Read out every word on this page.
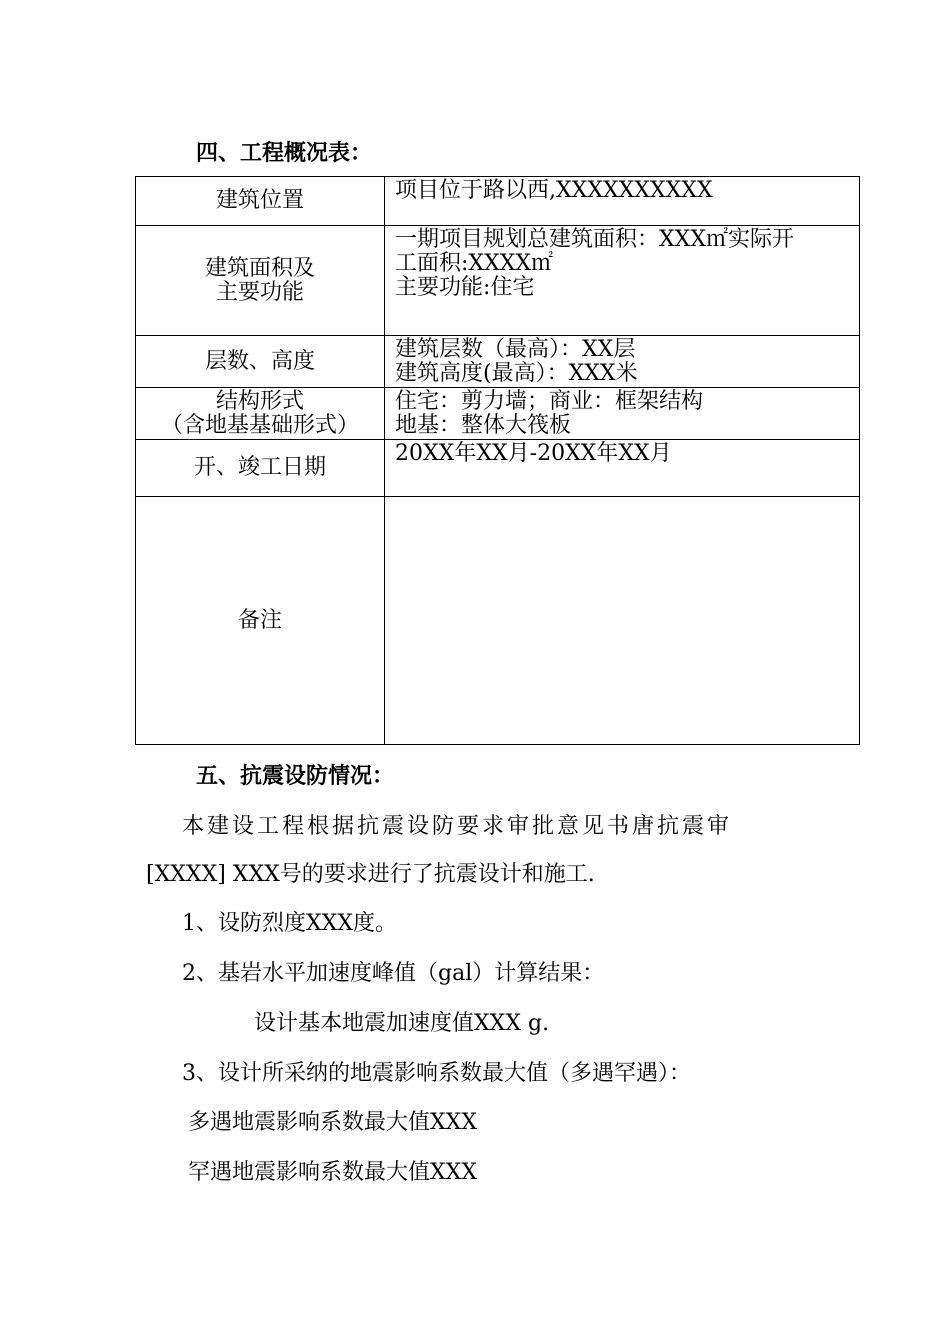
四、工程概况表：
建筑位置	项目位于路以西,XXXXXXXXXX

建筑面积及
主要功能	一期项目规划总建筑面积：XXX㎡实际开
工面积:XXXX㎡
主要功能:住宅

层数、高度	建筑层数（最高）：XX层
建筑高度(最高）：XXX米

结构形式
（含地基基础形式）	住宅：剪力墙；商业：框架结构
地基：整体大筏板

开、竣工日期	20XX年XX月-20XX年XX月

备注	

五、抗震设防情况：
本建设工程根据抗震设防要求审批意见书唐抗震审
[XXXX] XXX号的要求进行了抗震设计和施工.
1、设防烈度XXX度。
2、基岩水平加速度峰值（gal）计算结果：
设计基本地震加速度值XXX g.
3、设计所采纳的地震影响系数最大值（多遇罕遇）：
多遇地震影响系数最大值XXX
罕遇地震影响系数最大值XXX
